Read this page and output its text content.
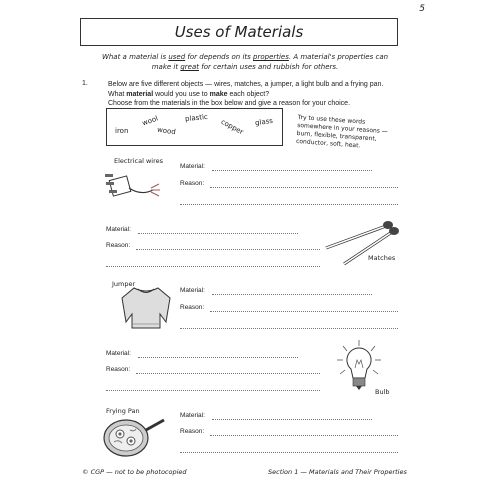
5
Uses of Materials
What a material is used for depends on its properties. A material's properties can make it great for certain uses and rubbish for others.
1.	Below are five different objects — wires, matches, a jumper, a light bulb and a frying pan.
What material would you use to make each object?
Choose from the materials in the box below and give a reason for your choice.
wool	plastic copper glass
iron	wood
Try to use these words somewhere in your reasons — burn, flexible, transparent, conductor, soft, heat.
Electrical wires
Material:
Reason:
Material:
Reason:
Matches
Jumper
Material:
Reason:
Material:
Reason:
Bulb
Frying Pan
Material:
Reason:
© CGP — not to be photocopied	Section 1 — Materials and Their Properties
